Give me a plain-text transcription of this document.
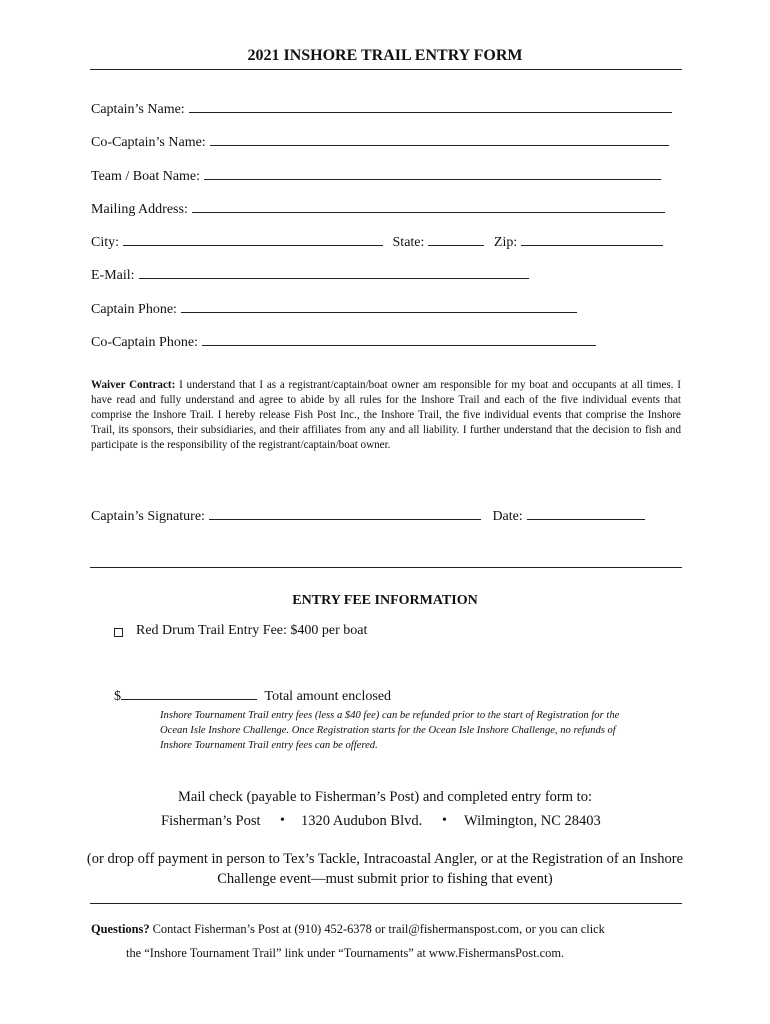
2021 INSHORE TRAIL ENTRY FORM
Captain’s Name:
Co-Captain’s Name:
Team / Boat Name:
Mailing Address:
City:	State:	Zip:
E-Mail:
Captain Phone:
Co-Captain Phone:
Waiver Contract: I understand that I as a registrant/captain/boat owner am responsible for my boat and occupants at all times. I have read and fully understand and agree to abide by all rules for the Inshore Trail and each of the five individual events that comprise the Inshore Trail. I hereby release Fish Post Inc., the Inshore Trail, the five individual events that comprise the Inshore Trail, its sponsors, their subsidiaries, and their affiliates from any and all liability. I further understand that the decision to fish and participate is the responsibility of the registrant/captain/boat owner.
Captain’s Signature:	Date:
ENTRY FEE INFORMATION
Red Drum Trail Entry Fee: $400 per boat
$	Total amount enclosed
Inshore Tournament Trail entry fees (less a $40 fee) can be refunded prior to the start of Registration for the Ocean Isle Inshore Challenge. Once Registration starts for the Ocean Isle Inshore Challenge, no refunds of Inshore Tournament Trail entry fees can be offered.
Mail check (payable to Fisherman’s Post) and completed entry form to:
Fisherman’s Post • 1320 Audubon Blvd. • Wilmington, NC 28403
(or drop off payment in person to Tex’s Tackle, Intracoastal Angler, or at the Registration of an Inshore Challenge event—must submit prior to fishing that event)
Questions? Contact Fisherman’s Post at (910) 452-6378 or trail@fishermanspost.com, or you can click
the “Inshore Tournament Trail” link under “Tournaments” at www.FishermansPost.com.
